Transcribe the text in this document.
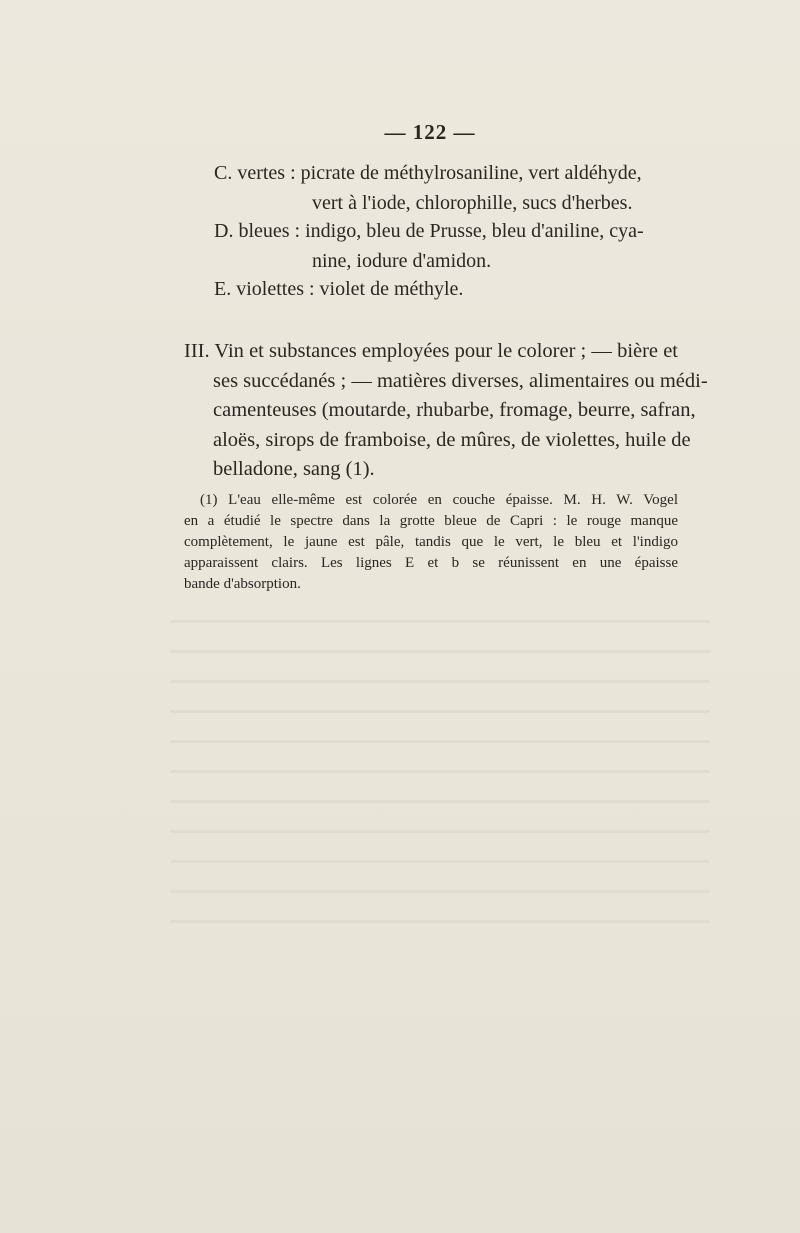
— 122 —
C. vertes : picrate de méthylrosaniline, vert aldéhyde,
vert à l'iode, chlorophille, sucs d'herbes.
D. bleues : indigo, bleu de Prusse, bleu d'aniline, cya-
nine, iodure d'amidon.
E. violettes : violet de méthyle.
III. Vin et substances employées pour le colorer ; — bière et
ses succédanés ; — matières diverses, alimentaires ou médi-
camenteuses (moutarde, rhubarbe, fromage, beurre, safran,
aloës, sirops de framboise, de mûres, de violettes, huile de
belladone, sang (1).
(1) L'eau elle-même est colorée en couche épaisse. M. H. W. Vogel
en a étudié le spectre dans la grotte bleue de Capri : le rouge manque
complètement, le jaune est pâle, tandis que le vert, le bleu et l'indigo
apparaissent clairs. Les lignes E et b se réunissent en une épaisse
bande d'absorption.
